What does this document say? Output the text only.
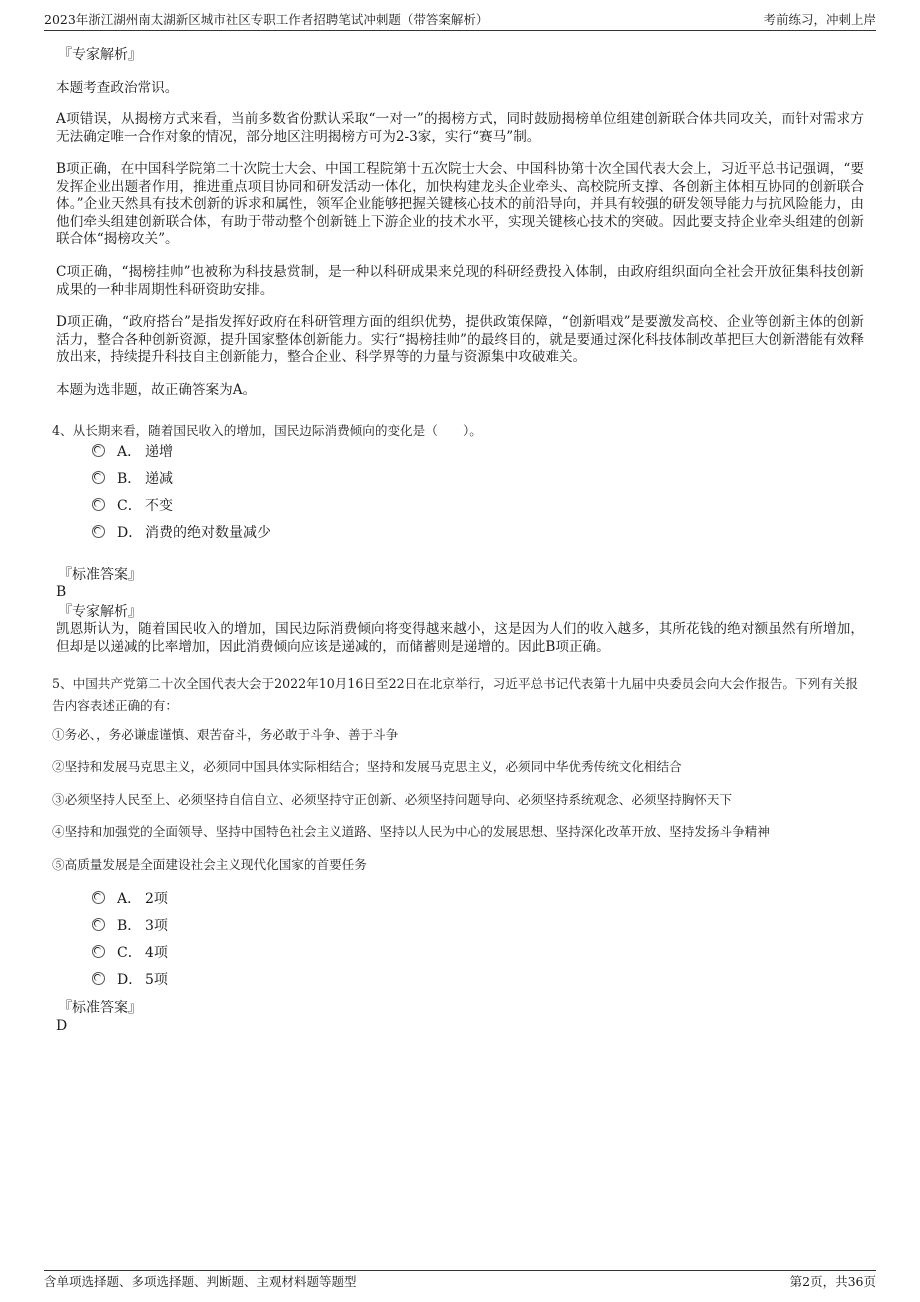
2023年浙江湖州南太湖新区城市社区专职工作者招聘笔试冲刺题（带答案解析）	考前练习，冲刺上岸
『专家解析』
本题考查政治常识。
A项错误，从揭榜方式来看，当前多数省份默认采取“一对一”的揭榜方式，同时鼓励揭榜单位组建创新联合体共同攻关，而针对需求方无法确定唯一合作对象的情况，部分地区注明揭榜方可为2-3家，实行“赛马”制。
B项正确，在中国科学院第二十次院士大会、中国工程院第十五次院士大会、中国科协第十次全国代表大会上，习近平总书记强调，“要发挥企业出题者作用，推进重点项目协同和研发活动一体化，加快构建龙头企业牵头、高校院所支撑、各创新主体相互协同的创新联合体。”企业天然具有技术创新的诉求和属性，领军企业能够把握关键核心技术的前沿导向，并具有较强的研发领导能力与抗风险能力，由他们牵头组建创新联合体，有助于带动整个创新链上下游企业的技术水平，实现关键核心技术的突破。因此要支持企业牵头组建的创新联合体“揭榜攻关”。
C项正确，“揭榜挂帅”也被称为科技悬赏制，是一种以科研成果来兑现的科研经费投入体制，由政府组织面向全社会开放征集科技创新成果的一种非周期性科研资助安排。
D项正确，“政府搭台”是指发挥好政府在科研管理方面的组织优势，提供政策保障，“创新唱戏”是要激发高校、企业等创新主体的创新活力，整合各种创新资源，提升国家整体创新能力。实行“揭榜挂帅”的最终目的，就是要通过深化科技体制改革把巨大创新潜能有效释放出来，持续提升科技自主创新能力，整合企业、科学界等的力量与资源集中攻破难关。
本题为选非题，故正确答案为A。
4、从长期来看，随着国民收入的增加，国民边际消费倾向的变化是（　　）。
A． 递增
B． 递减
C． 不变
D． 消费的绝对数量减少
『标准答案』
B
『专家解析』
凯恩斯认为，随着国民收入的增加，国民边际消费倾向将变得越来越小，这是因为人们的收入越多，其所花钱的绝对额虽然有所增加，但却是以递减的比率增加，因此消费倾向应该是递减的，而储蓄则是递增的。因此B项正确。
5、中国共产党第二十次全国代表大会于2022年10月16日至22日在北京举行，习近平总书记代表第十九届中央委员会向大会作报告。下列有关报告内容表述正确的有：
①务必、，务必谦虚谨慎、艰苦奋斗，务必敢于斗争、善于斗争
②坚持和发展马克思主义，必须同中国具体实际相结合；坚持和发展马克思主义，必须同中华优秀传统文化相结合
③必须坚持人民至上、必须坚持自信自立、必须坚持守正创新、必须坚持问题导向、必须坚持系统观念、必须坚持胸怀天下
④坚持和加强党的全面领导、坚持中国特色社会主义道路、坚持以人民为中心的发展思想、坚持深化改革开放、坚持发扬斗争精神
⑤高质量发展是全面建设社会主义现代化国家的首要任务
A． 2项
B． 3项
C． 4项
D． 5项
『标准答案』
D
含单项选择题、多项选择题、判断题、主观材料题等题型	第2页，共36页
